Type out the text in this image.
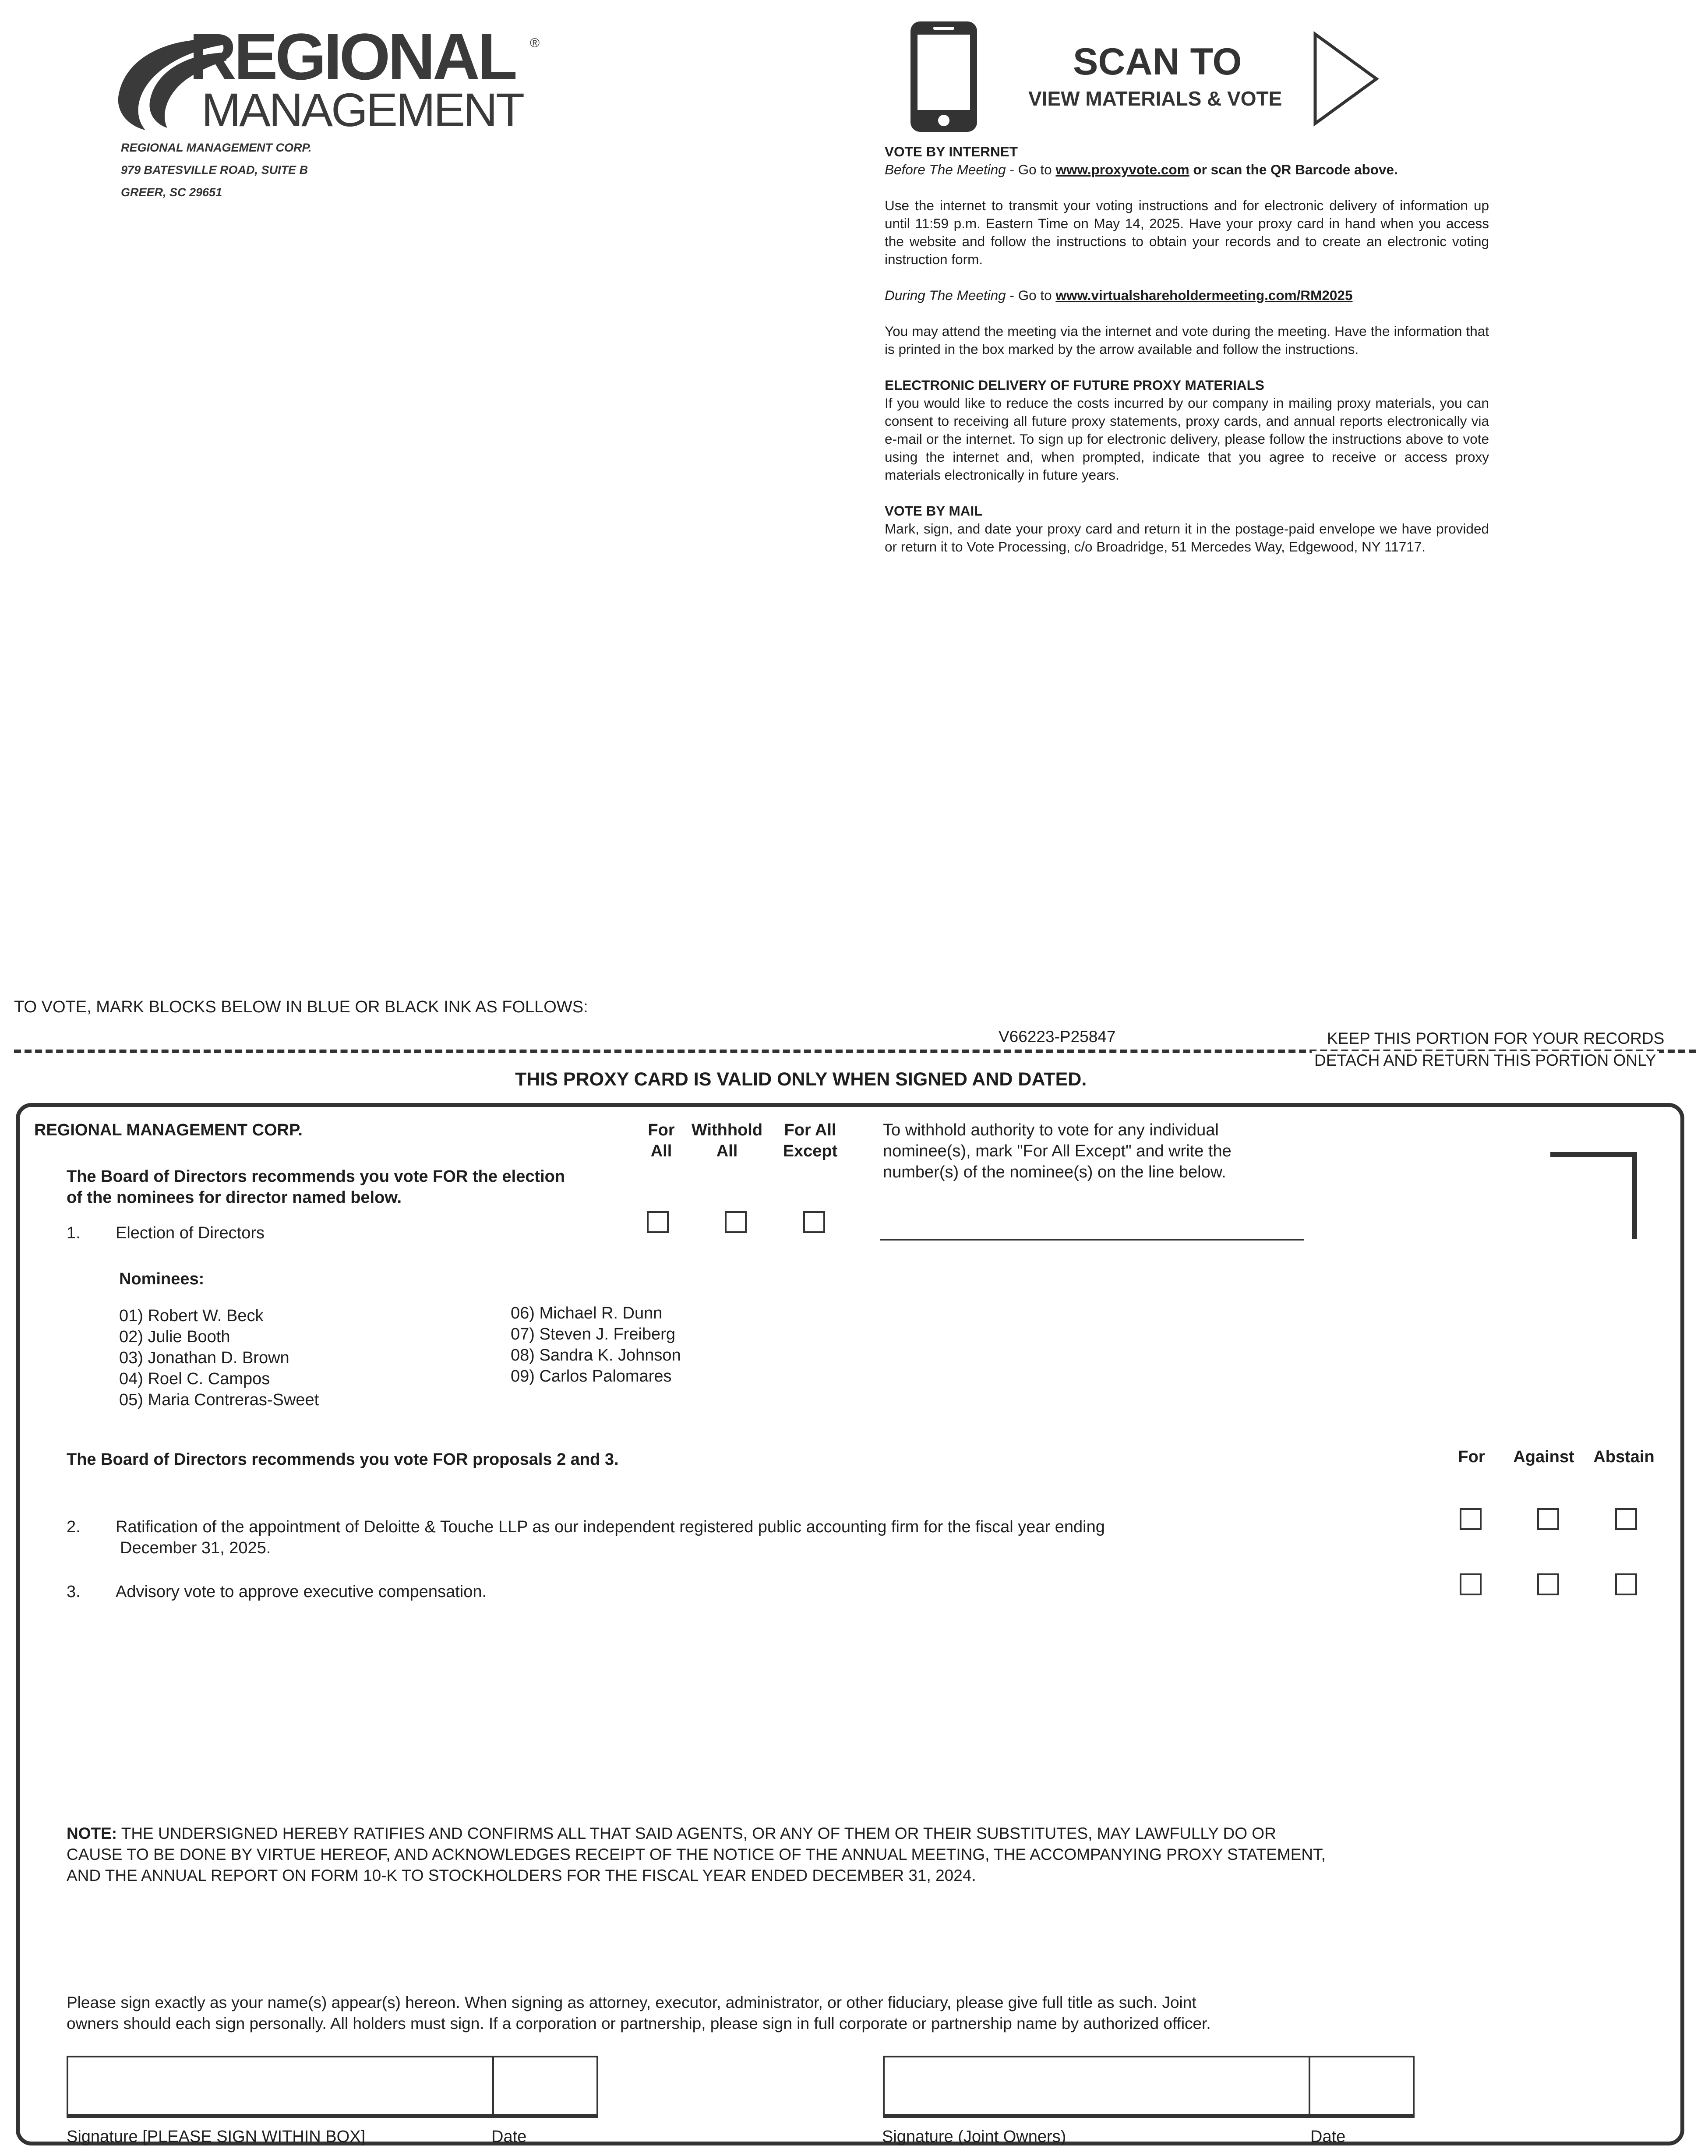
REGIONAL
MANAGEMENT
®
REGIONAL MANAGEMENT CORP.
979 BATESVILLE ROAD, SUITE B
GREER, SC 29651
SCAN TO
VIEW MATERIALS & VOTE

VOTE BY INTERNET

Before The Meeting - Go to www.proxyvote.com or scan the QR Barcode above.

Use the internet to transmit your voting instructions and for electronic delivery of information up until 11:59 p.m. Eastern Time on May 14, 2025. Have your proxy card in hand when you access the website and follow the instructions to obtain your records and to create an electronic voting instruction form.

During The Meeting - Go to www.virtualshareholdermeeting.com/RM2025

You may attend the meeting via the internet and vote during the meeting. Have the information that is printed in the box marked by the arrow available and follow the instructions.

ELECTRONIC DELIVERY OF FUTURE PROXY MATERIALS

If you would like to reduce the costs incurred by our company in mailing proxy materials, you can consent to receiving all future proxy statements, proxy cards, and annual reports electronically via e-mail or the internet. To sign up for electronic delivery, please follow the instructions above to vote using the internet and, when prompted, indicate that you agree to receive or access proxy materials electronically in future years.

VOTE BY MAIL

Mark, sign, and date your proxy card and return it in the postage-paid envelope we have provided or return it to Vote Processing, c/o Broadridge, 51 Mercedes Way, Edgewood, NY 11717.

TO VOTE, MARK BLOCKS BELOW IN BLUE OR BLACK INK AS FOLLOWS:
V66223-P25847	KEEP THIS PORTION FOR YOUR RECORDS
DETACH AND RETURN THIS PORTION ONLY
THIS PROXY CARD IS VALID ONLY WHEN SIGNED AND DATED.
REGIONAL MANAGEMENT CORP.	For
All
Withhold
All
For All
Except
To withhold authority to vote for any individual
nominee(s), mark "For All Except" and write the
number(s) of the nominee(s) on the line below.
The Board of Directors recommends you vote FOR the election
of the nominees for director named below.
1. Election of Directors
Nominees:
01) Robert W. Beck
02) Julie Booth
03) Jonathan D. Brown
04) Roel C. Campos
05) Maria Contreras-Sweet
06) Michael R. Dunn
07) Steven J. Freiberg
08) Sandra K. Johnson
09) Carlos Palomares
The Board of Directors recommends you vote FOR proposals 2 and 3.	For	Against	Abstain
2. Ratification of the appointment of Deloitte & Touche LLP as our independent registered public accounting firm for the fiscal year ending
December 31, 2025.
3. Advisory vote to approve executive compensation.
NOTE: THE UNDERSIGNED HEREBY RATIFIES AND CONFIRMS ALL THAT SAID AGENTS, OR ANY OF THEM OR THEIR SUBSTITUTES, MAY LAWFULLY DO OR
CAUSE TO BE DONE BY VIRTUE HEREOF, AND ACKNOWLEDGES RECEIPT OF THE NOTICE OF THE ANNUAL MEETING, THE ACCOMPANYING PROXY STATEMENT,
AND THE ANNUAL REPORT ON FORM 10-K TO STOCKHOLDERS FOR THE FISCAL YEAR ENDED DECEMBER 31, 2024.
Please sign exactly as your name(s) appear(s) hereon. When signing as attorney, executor, administrator, or other fiduciary, please give full title as such. Joint
owners should each sign personally. All holders must sign. If a corporation or partnership, please sign in full corporate or partnership name by authorized officer.
Signature [PLEASE SIGN WITHIN BOX]	Date	Signature (Joint Owners)	Date
